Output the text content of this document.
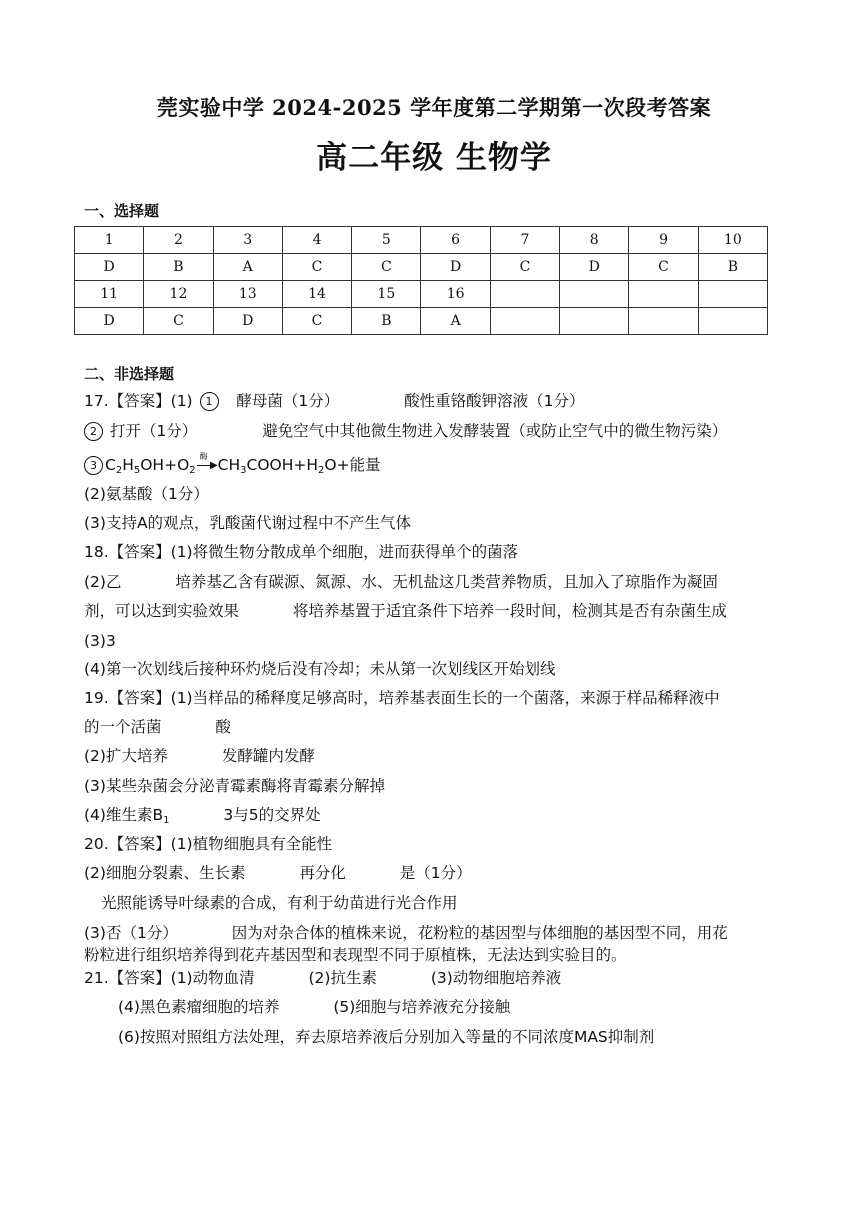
莞实验中学 2024-2025 学年度第二学期第一次段考答案
高二年级 生物学
一、选择题
1	2	3	4	5	6	7	8	9	10
D	B	A	C	C	D	C	D	C	B
11	12	13	14	15	16				
D	C	D	C	B	A				
二、非选择题
17.【答案】(1) 1 酵母菌（1分）	酸性重铬酸钾溶液（1分）
2 打开（1分）	避免空气中其他微生物进入发酵装置（或防止空气中的微生物污染）
3 $C_2H_5OH+O_2$
酶
▶ $CH_3COOH+H_2O+$能量
(2)氨基酸（1分）
(3)支持A的观点，乳酸菌代谢过程中不产生气体
18.【答案】(1)将微生物分散成单个细胞，进而获得单个的菌落
(2)乙	培养基乙含有碳源、氮源、水、无机盐这几类营养物质，且加入了琼脂作为凝固
剂，可以达到实验效果	将培养基置于适宜条件下培养一段时间，检测其是否有杂菌生成
(3)3
(4)第一次划线后接种环灼烧后没有冷却；未从第一次划线区开始划线
19.【答案】(1)当样品的稀释度足够高时，培养基表面生长的一个菌落，来源于样品稀释液中
的一个活菌	酸
(2)扩大培养	发酵罐内发酵
(3)某些杂菌会分泌青霉素酶将青霉素分解掉
(4)维生素$B_1$	3与5的交界处
20.【答案】(1)植物细胞具有全能性
(2)细胞分裂素、生长素	再分化	是（1分）
光照能诱导叶绿素的合成，有利于幼苗进行光合作用
(3)否（1分）	因为对杂合体的植株来说，花粉粒的基因型与体细胞的基因型不同，用花
粉粒进行组织培养得到花卉基因型和表现型不同于原植株，无法达到实验目的。
21.【答案】(1)动物血清	(2)抗生素	(3)动物细胞培养液
(4)黑色素瘤细胞的培养	(5)细胞与培养液充分接触
(6)按照对照组方法处理，弃去原培养液后分别加入等量的不同浓度MAS抑制剂
